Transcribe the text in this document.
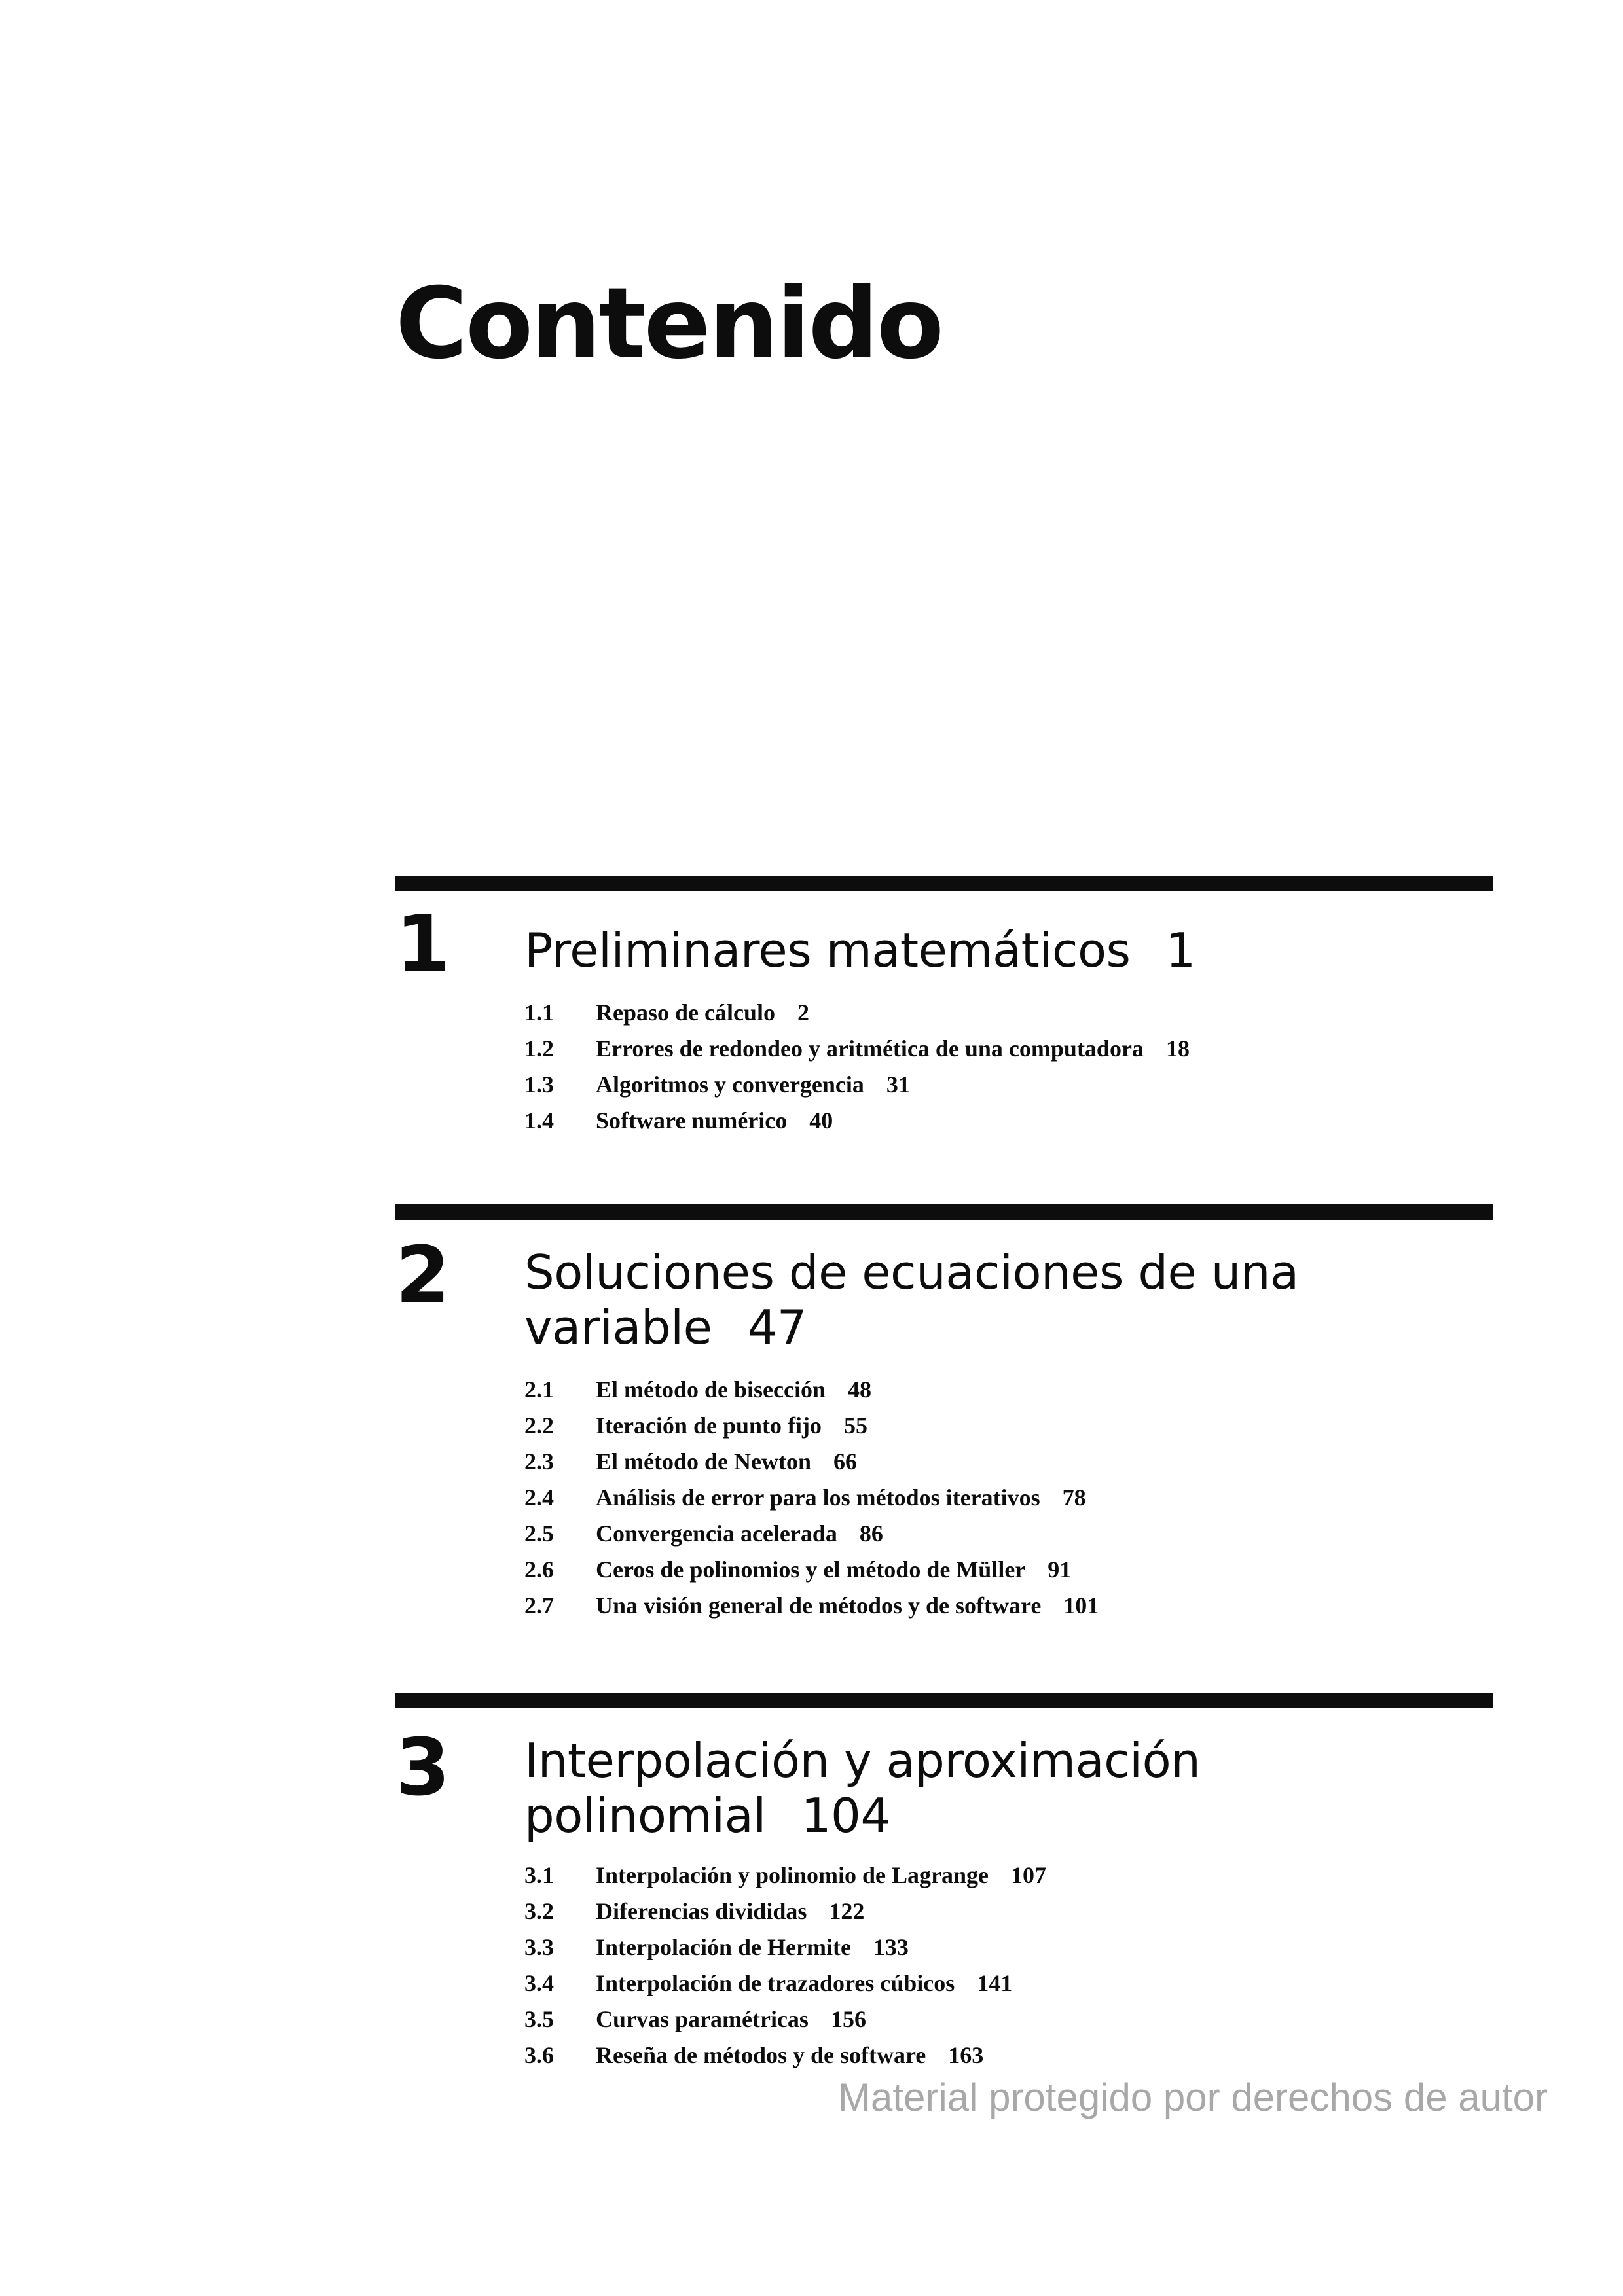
Contenido
1 Preliminares matemáticos 1
1.1 Repaso de cálculo 2
1.2 Errores de redondeo y aritmética de una computadora 18
1.3 Algoritmos y convergencia 31
1.4 Software numérico 40
2 Soluciones de ecuaciones de una variable 47
2.1 El método de bisección 48
2.2 Iteración de punto fijo 55
2.3 El método de Newton 66
2.4 Análisis de error para los métodos iterativos 78
2.5 Convergencia acelerada 86
2.6 Ceros de polinomios y el método de Müller 91
2.7 Una visión general de métodos y de software 101
3 Interpolación y aproximación polinomial 104
3.1 Interpolación y polinomio de Lagrange 107
3.2 Diferencias divididas 122
3.3 Interpolación de Hermite 133
3.4 Interpolación de trazadores cúbicos 141
3.5 Curvas paramétricas 156
3.6 Reseña de métodos y de software 163
Material protegido por derechos de autor
